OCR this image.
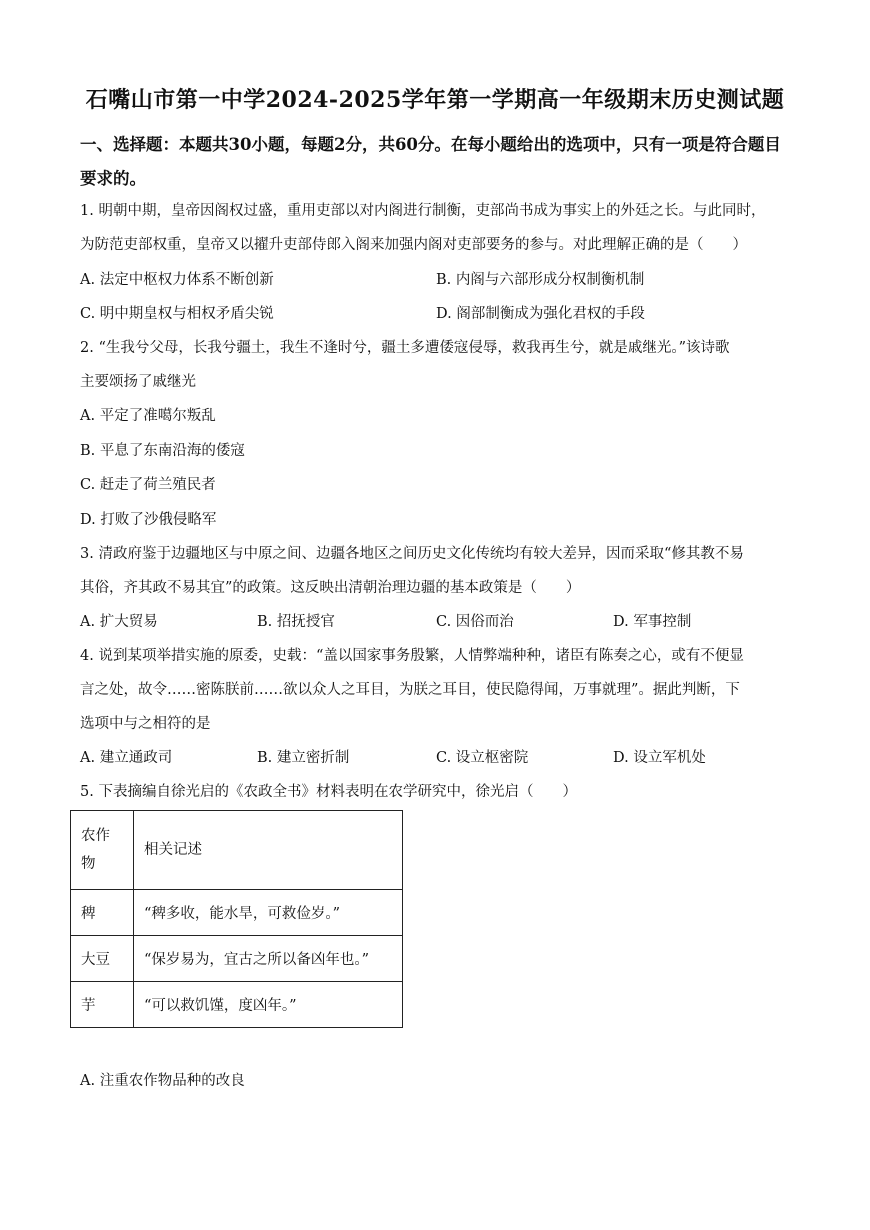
石嘴山市第一中学2024-2025学年第一学期高一年级期末历史测试题
一、选择题：本题共30小题，每题2分，共60分。在每小题给出的选项中，只有一项是符合题目要求的。
1. 明朝中期，皇帝因阁权过盛，重用吏部以对内阁进行制衡，吏部尚书成为事实上的外廷之长。与此同时，
为防范吏部权重，皇帝又以擢升吏部侍郎入阁来加强内阁对吏部要务的参与。对此理解正确的是（　　）
A. 法定中枢权力体系不断创新	B. 内阁与六部形成分权制衡机制
C. 明中期皇权与相权矛盾尖锐	D. 阁部制衡成为强化君权的手段
2. “生我兮父母，长我兮疆土，我生不逢时兮，疆土多遭倭寇侵辱，救我再生兮，就是戚继光。”该诗歌
主要颂扬了戚继光
A. 平定了准噶尔叛乱
B. 平息了东南沿海的倭寇
C. 赶走了荷兰殖民者
D. 打败了沙俄侵略军
3. 清政府鉴于边疆地区与中原之间、边疆各地区之间历史文化传统均有较大差异，因而采取“修其教不易
其俗，齐其政不易其宜”的政策。这反映出清朝治理边疆的基本政策是（　　）
A. 扩大贸易	B. 招抚授官	C. 因俗而治	D. 军事控制
4. 说到某项举措实施的原委，史载：“盖以国家事务殷繁，人情弊端种种，诸臣有陈奏之心，或有不便显
言之处，故令……密陈朕前……欲以众人之耳目，为朕之耳目，使民隐得闻，万事就理”。据此判断，下
选项中与之相符的是
A. 建立通政司	B. 建立密折制	C. 设立枢密院	D. 设立军机处
5. 下表摘编自徐光启的《农政全书》材料表明在农学研究中，徐光启（　　）
农作物	相关记述
稗	“稗多收，能水旱，可救俭岁。”
大豆	“保岁易为，宜古之所以备凶年也。”
芋	“可以救饥馑，度凶年。”
A. 注重农作物品种的改良
